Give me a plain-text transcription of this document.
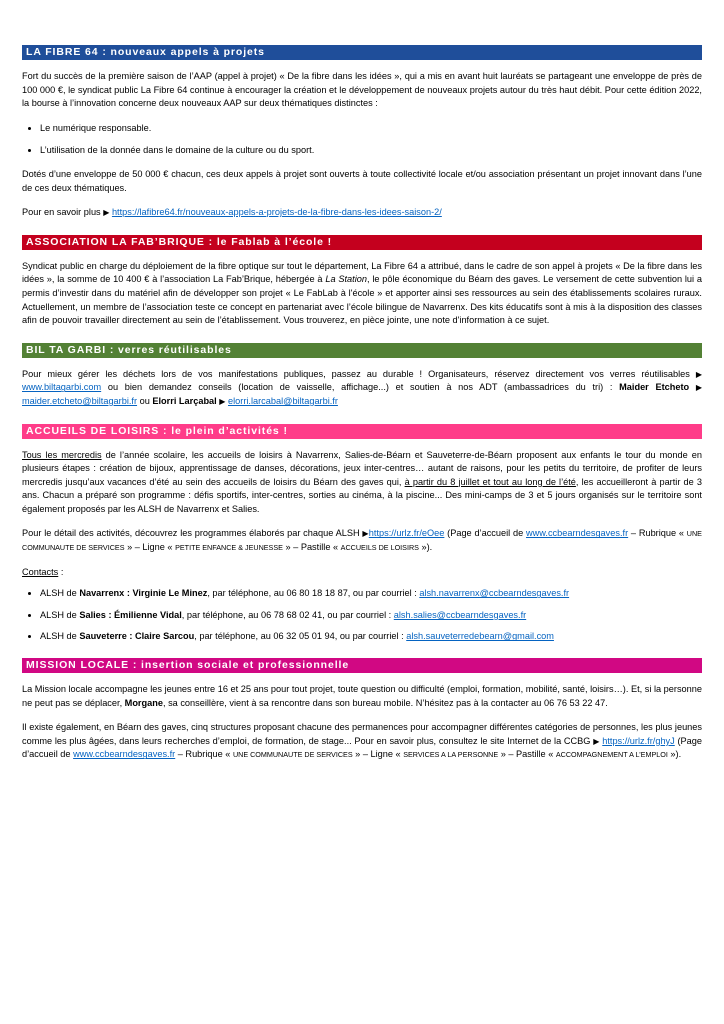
LA FIBRE 64 : nouveaux appels à projets

Fort du succès de la première saison de l’AAP (appel à projet) « De la fibre dans les idées », qui a mis en avant huit lauréats se partageant une enveloppe de près de 100 000 €, le syndicat public La Fibre 64 continue à encourager la création et le développement de nouveaux projets autour du très haut débit. Pour cette édition 2022, la bourse à l’innovation concerne deux nouveaux AAP sur deux thématiques distinctes :

• Le numérique responsable.
• L’utilisation de la donnée dans le domaine de la culture ou du sport.

Dotés d’une enveloppe de 50 000 € chacun, ces deux appels à projet sont ouverts à toute collectivité locale et/ou association présentant un projet innovant dans l’une de ces deux thématiques.

Pour en savoir plus ▶ https://lafibre64.fr/nouveaux-appels-a-projets-de-la-fibre-dans-les-idees-saison-2/

ASSOCIATION LA FAB’BRIQUE : le Fablab à l’école !

Syndicat public en charge du déploiement de la fibre optique sur tout le département, La Fibre 64 a attribué, dans le cadre de son appel à projets « De la fibre dans les idées », la somme de 10 400 € à l’association La Fab’Brique, hébergée à La Station, le pôle économique du Béarn des gaves. Le versement de cette subvention lui a permis d’investir dans du matériel afin de développer son projet « Le FabLab à l'école » et apporter ainsi ses ressources au sein des établissements scolaires ruraux. Actuellement, un membre de l’association teste ce concept en partenariat avec l’école bilingue de Navarrenx. Des kits éducatifs sont à mis à la disposition des classes afin de pouvoir travailler directement au sein de l’établissement. Vous trouverez, en pièce jointe, une note d'information à ce sujet.

BIL TA GARBI : verres réutilisables

Pour mieux gérer les déchets lors de vos manifestations publiques, passez au durable ! Organisateurs, réservez directement vos verres réutilisables ▶ www.biltagarbi.com ou bien demandez conseils (location de vaisselle, affichage...) et soutien à nos ADT (ambassadrices du tri) : Maider Etcheto ▶ maider.etcheto@biltagarbi.fr ou Elorri Larçabal ▶ elorri.larcabal@biltagarbi.fr

ACCUEILS DE LOISIRS : le plein d’activités !

Tous les mercredis de l’année scolaire, les accueils de loisirs à Navarrenx, Salies-de-Béarn et Sauveterre-de-Béarn proposent aux enfants le tour du monde en plusieurs étapes : création de bijoux, apprentissage de danses, décorations, jeux inter-centres… autant de raisons, pour les petits du territoire, de profiter de leurs mercredis jusqu’aux vacances d’été au sein des accueils de loisirs du Béarn des gaves qui, à partir du 8 juillet et tout au long de l’été, les accueilleront à partir de 3 ans. Chacun a préparé son programme : défis sportifs, inter-centres, sorties au cinéma, à la piscine... Des mini-camps de 3 et 5 jours organisés sur le territoire sont également proposés par les ALSH de Navarrenx et Salies.

Pour le détail des activités, découvrez les programmes élaborés par chaque ALSH ▶https://urlz.fr/eOee (Page d’accueil de www.ccbearndesgaves.fr – Rubrique « UNE COMMUNAUTE DE SERVICES » – Ligne « PETITE ENFANCE & JEUNESSE » – Pastille « ACCUEILS DE LOISIRS »).

Contacts :

• ALSH de Navarrenx : Virginie Le Minez, par téléphone, au 06 80 18 18 87, ou par courriel : alsh.navarrenx@ccbearndesgaves.fr
• ALSH de Salies : Émilienne Vidal, par téléphone, au 06 78 68 02 41, ou par courriel : alsh.salies@ccbearndesgaves.fr
• ALSH de Sauveterre : Claire Sarcou, par téléphone, au 06 32 05 01 94, ou par courriel : alsh.sauveterredebearn@gmail.com
MISSION LOCALE : insertion sociale et professionnelle

La Mission locale accompagne les jeunes entre 16 et 25 ans pour tout projet, toute question ou difficulté (emploi, formation, mobilité, santé, loisirs…). Et, si la personne ne peut pas se déplacer, Morgane, sa conseillère, vient à sa rencontre dans son bureau mobile. N’hésitez pas à la contacter au 06 76 53 22 47.

Il existe également, en Béarn des gaves, cinq structures proposant chacune des permanences pour accompagner différentes catégories de personnes, les plus jeunes comme les plus âgées, dans leurs recherches d’emploi, de formation, de stage... Pour en savoir plus, consultez le site Internet de la CCBG ▶ https://urlz.fr/ghyJ (Page d’accueil de www.ccbearndesgaves.fr – Rubrique « UNE COMMUNAUTE DE SERVICES » – Ligne « SERVICES A LA PERSONNE » – Pastille « ACCOMPAGNEMENT A L’EMPLOI »).
